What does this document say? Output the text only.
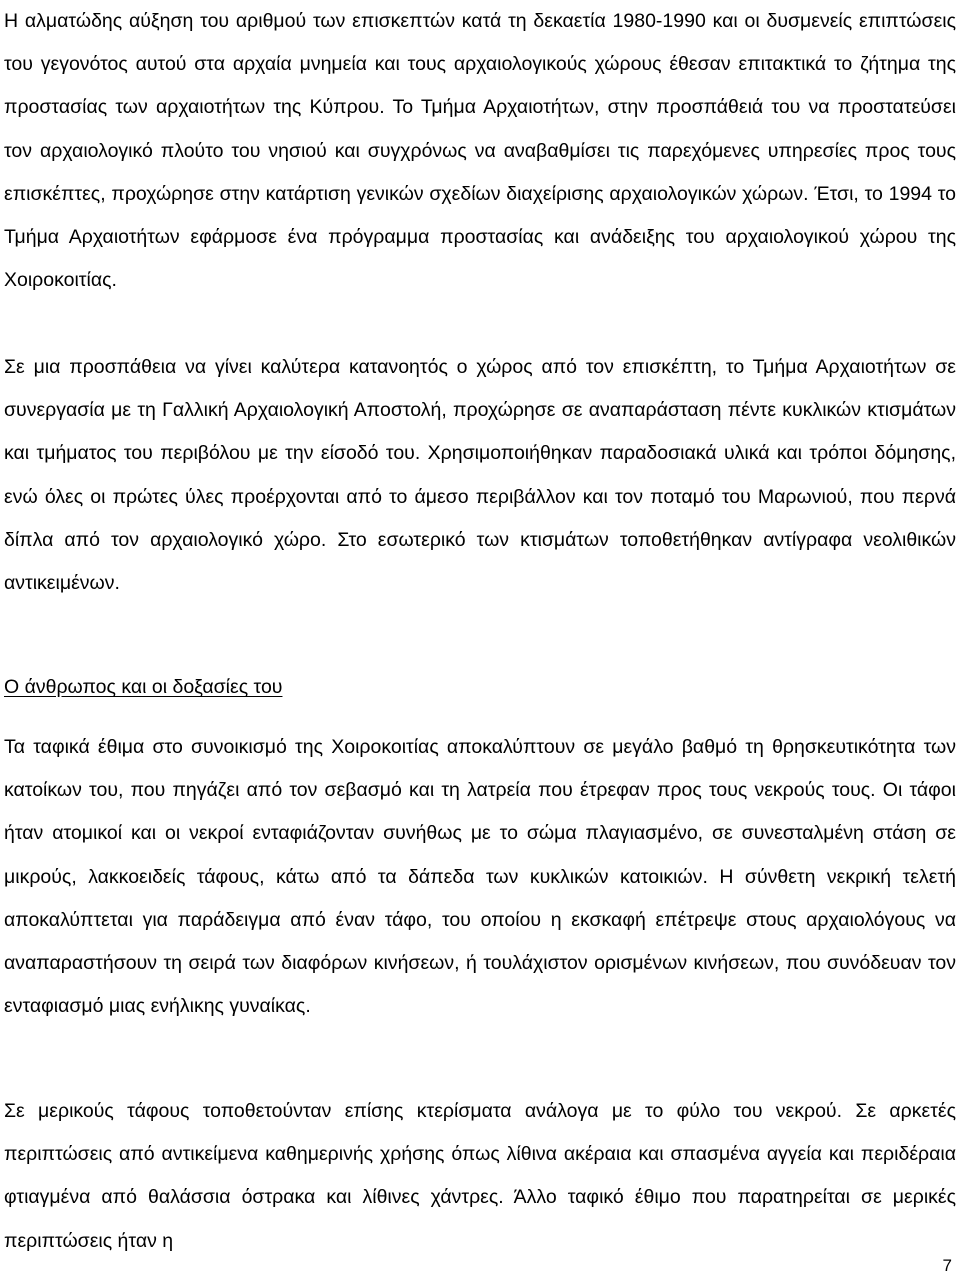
Η αλματώδης αύξηση του αριθμού των επισκεπτών κατά τη δεκαετία 1980-1990 και οι δυσμενείς επιπτώσεις του γεγονότος αυτού στα αρχαία μνημεία και τους αρχαιολογικούς χώρους έθεσαν επιτακτικά το ζήτημα της προστασίας των αρχαιοτήτων της Κύπρου. Το Τμήμα Αρχαιοτήτων, στην προσπάθειά του να προστατεύσει τον αρχαιολογικό πλούτο του νησιού και συγχρόνως να αναβαθμίσει τις παρεχόμενες υπηρεσίες προς τους επισκέπτες, προχώρησε στην κατάρτιση γενικών σχεδίων διαχείρισης αρχαιολογικών χώρων. Έτσι, το 1994 το Τμήμα Αρχαιοτήτων εφάρμοσε ένα πρόγραμμα προστασίας και ανάδειξης του αρχαιολογικού χώρου της Χοιροκοιτίας.

Σε μια προσπάθεια να γίνει καλύτερα κατανοητός ο χώρος από τον επισκέπτη, το Τμήμα Αρχαιοτήτων σε συνεργασία με τη Γαλλική Αρχαιολογική Αποστολή, προχώρησε σε αναπαράσταση πέντε κυκλικών κτισμάτων και τμήματος του περιβόλου με την είσοδό του. Χρησιμοποιήθηκαν παραδοσιακά υλικά και τρόποι δόμησης, ενώ όλες οι πρώτες ύλες προέρχονται από το άμεσο περιβάλλον και τον ποταμό του Μαρωνιού, που περνά δίπλα από τον αρχαιολογικό χώρο. Στο εσωτερικό των κτισμάτων τοποθετήθηκαν αντίγραφα νεολιθικών αντικειμένων.

Ο άνθρωπος και οι δοξασίες του

Τα ταφικά έθιμα στο συνοικισμό της Χοιροκοιτίας αποκαλύπτουν σε μεγάλο βαθμό τη θρησκευτικότητα των κατοίκων του, που πηγάζει από τον σεβασμό και τη λατρεία που έτρεφαν προς τους νεκρούς τους. Οι τάφοι ήταν ατομικοί και οι νεκροί ενταφιάζονταν συνήθως με το σώμα πλαγιασμένο, σε συνεσταλμένη στάση σε μικρούς, λακκοειδείς τάφους, κάτω από τα δάπεδα των κυκλικών κατοικιών. Η σύνθετη νεκρική τελετή αποκαλύπτεται για παράδειγμα από έναν τάφο, του οποίου η εκσκαφή επέτρεψε στους αρχαιολόγους να αναπαραστήσουν τη σειρά των διαφόρων κινήσεων, ή τουλάχιστον ορισμένων κινήσεων, που συνόδευαν τον ενταφιασμό μιας ενήλικης γυναίκας.

Σε μερικούς τάφους τοποθετούνταν επίσης κτερίσματα ανάλογα με το φύλο του νεκρού. Σε αρκετές περιπτώσεις από αντικείμενα καθημερινής χρήσης όπως λίθινα ακέραια και σπασμένα αγγεία και περιδέραια φτιαγμένα από θαλάσσια όστρακα και λίθινες χάντρες. Άλλο ταφικό έθιμο που παρατηρείται σε μερικές περιπτώσεις ήταν η

7
